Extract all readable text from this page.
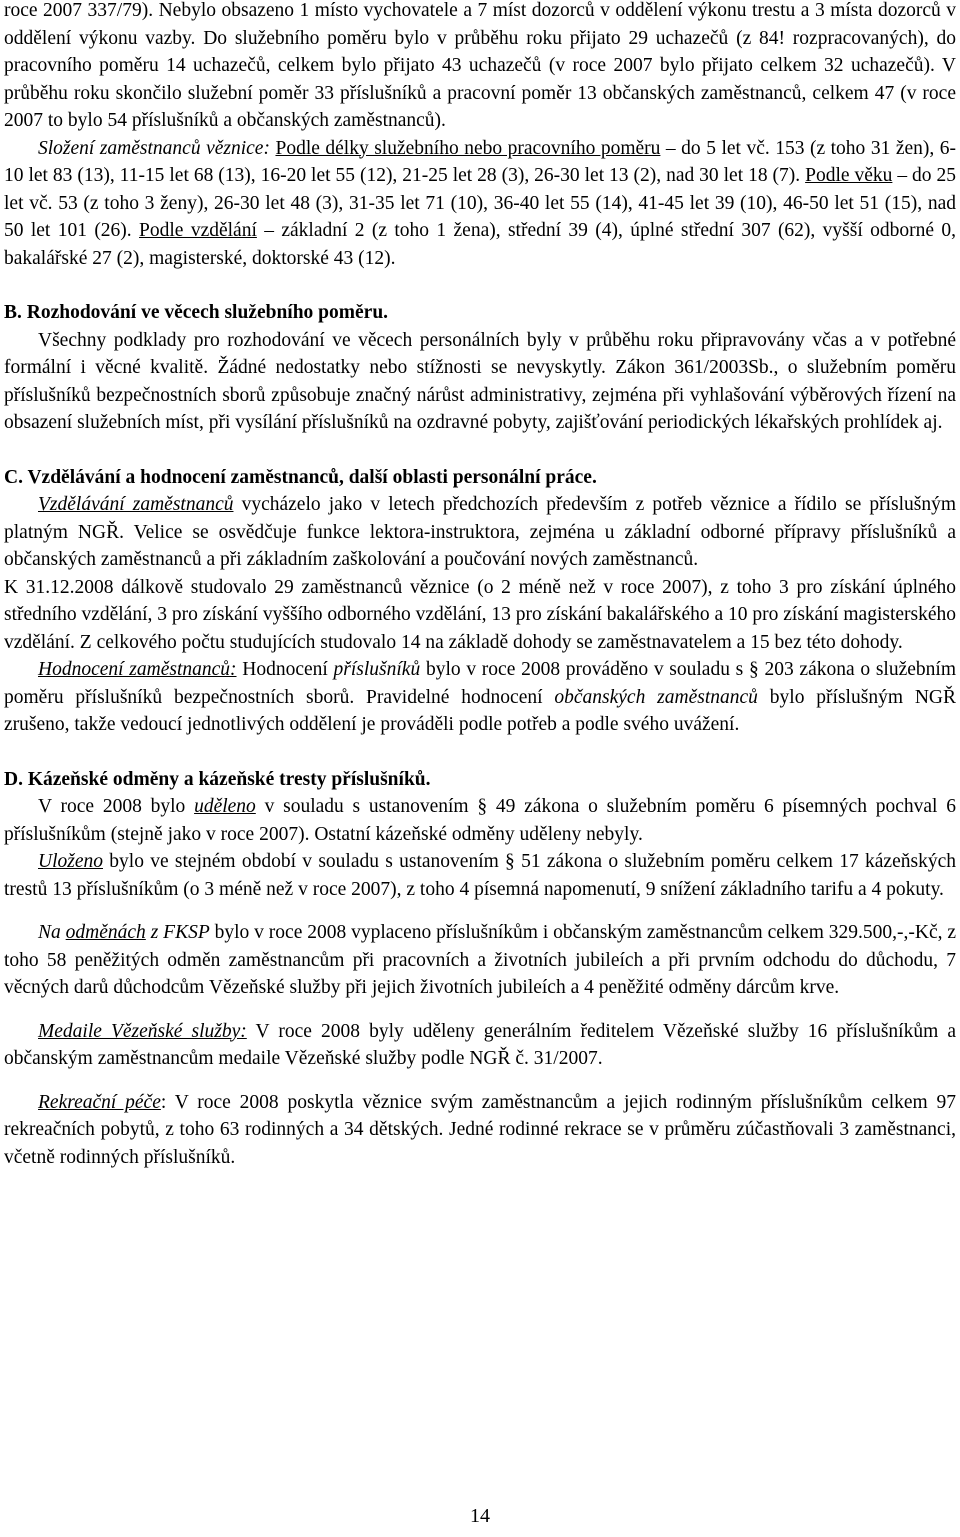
roce 2007 337/79). Nebylo obsazeno 1 místo vychovatele a 7 míst dozorců v oddělení výkonu trestu a 3 místa dozorců v oddělení výkonu vazby. Do služebního poměru bylo v průběhu roku přijato 29 uchazečů (z 84! rozpracovaných), do pracovního poměru 14 uchazečů, celkem bylo přijato 43 uchazečů (v roce 2007 bylo přijato celkem 32 uchazečů). V průběhu roku skončilo služební poměr 33 příslušníků a pracovní poměr 13 občanských zaměstnanců, celkem 47 (v roce 2007 to bylo 54 příslušníků a občanských zaměstnanců).

Složení zaměstnanců věznice: Podle délky služebního nebo pracovního poměru – do 5 let vč. 153 (z toho 31 žen), 6-10 let 83 (13), 11-15 let 68 (13), 16-20 let 55 (12), 21-25 let 28 (3), 26-30 let 13 (2), nad 30 let 18 (7). Podle věku – do 25 let vč. 53 (z toho 3 ženy), 26-30 let 48 (3), 31-35 let 71 (10), 36-40 let 55 (14), 41-45 let 39 (10), 46-50 let 51 (15), nad 50 let 101 (26). Podle vzdělání – základní 2 (z toho 1 žena), střední 39 (4), úplné střední 307 (62), vyšší odborné 0, bakalářské 27 (2), magisterské, doktorské 43 (12).

B. Rozhodování ve věcech služebního poměru.

Všechny podklady pro rozhodování ve věcech personálních byly v průběhu roku připravovány včas a v potřebné formální i věcné kvalitě. Žádné nedostatky nebo stížnosti se nevyskytly. Zákon 361/2003Sb., o služebním poměru příslušníků bezpečnostních sborů způsobuje značný nárůst administrativy, zejména při vyhlašování výběrových řízení na obsazení služebních míst, při vysílání příslušníků na ozdravné pobyty, zajišťování periodických lékařských prohlídek aj.

C. Vzdělávání a hodnocení zaměstnanců, další oblasti personální práce.

Vzdělávání zaměstnanců vycházelo jako v letech předchozích především z potřeb věznice a řídilo se příslušným platným NGŘ. Velice se osvědčuje funkce lektora-instruktora, zejména u základní odborné přípravy příslušníků a občanských zaměstnanců a při základním zaškolování a poučování nových zaměstnanců.

K 31.12.2008 dálkově studovalo 29 zaměstnanců věznice (o 2 méně než v roce 2007), z toho 3 pro získání úplného středního vzdělání, 3 pro získání vyššího odborného vzdělání, 13 pro získání bakalářského a 10 pro získání magisterského vzdělání. Z celkového počtu studujících studovalo 14 na základě dohody se zaměstnavatelem a 15 bez této dohody.

Hodnocení zaměstnanců: Hodnocení příslušníků bylo v roce 2008 prováděno v souladu s § 203 zákona o služebním poměru příslušníků bezpečnostních sborů. Pravidelné hodnocení občanských zaměstnanců bylo příslušným NGŘ zrušeno, takže vedoucí jednotlivých oddělení je prováděli podle potřeb a podle svého uvážení.

D. Kázeňské odměny a kázeňské tresty příslušníků.

V roce 2008 bylo uděleno v souladu s ustanovením § 49 zákona o služebním poměru 6 písemných pochval 6 příslušníkům (stejně jako v roce 2007). Ostatní kázeňské odměny uděleny nebyly.

Uloženo bylo ve stejném období v souladu s ustanovením § 51 zákona o služebním poměru celkem 17 kázeňských trestů 13 příslušníkům (o 3 méně než v roce 2007), z toho 4 písemná napomenutí, 9 snížení základního tarifu a 4 pokuty.

Na odměnách z FKSP bylo v roce 2008 vyplaceno příslušníkům i občanským zaměstnancům celkem 329.500,-,-Kč, z toho 58 peněžitých odměn zaměstnancům při pracovních a životních jubileích a při prvním odchodu do důchodu, 7 věcných darů důchodcům Vězeňské služby při jejich životních jubileích a 4 peněžité odměny dárcům krve.

Medaile Vězeňské služby: V roce 2008 byly uděleny generálním ředitelem Vězeňské služby 16 příslušníkům a občanským zaměstnancům medaile Vězeňské služby podle NGŘ č. 31/2007.

Rekreační péče: V roce 2008 poskytla věznice svým zaměstnancům a jejich rodinným příslušníkům celkem 97 rekreačních pobytů, z toho 63 rodinných a 34 dětských. Jedné rodinné rekrace se v průměru zúčastňovali 3 zaměstnanci, včetně rodinných příslušníků.

14
